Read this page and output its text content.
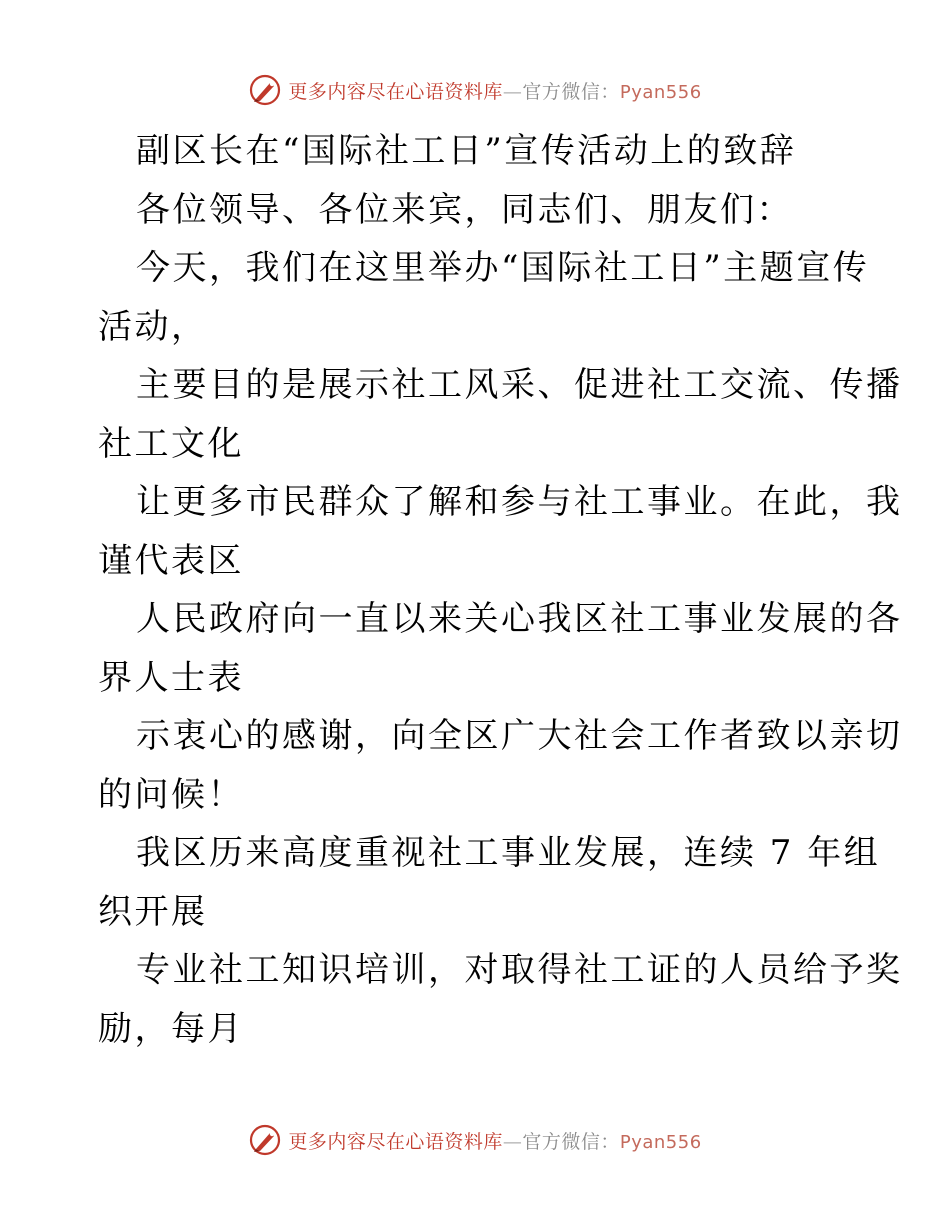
更多内容尽在心语资料库—官方微信：Pyan556
副区长在“国际社工日”宣传活动上的致辞
各位领导、各位来宾，同志们、朋友们：
今天，我们在这里举办“国际社工日”主题宣传
活动，
主要目的是展示社工风采、促进社工交流、传播
社工文化
让更多市民群众了解和参与社工事业。在此，我
谨代表区
人民政府向一直以来关心我区社工事业发展的各
界人士表
示衷心的感谢，向全区广大社会工作者致以亲切
的问候！
我区历来高度重视社工事业发展，连续 7 年组
织开展
专业社工知识培训，对取得社工证的人员给予奖
励，每月
更多内容尽在心语资料库—官方微信：Pyan556
